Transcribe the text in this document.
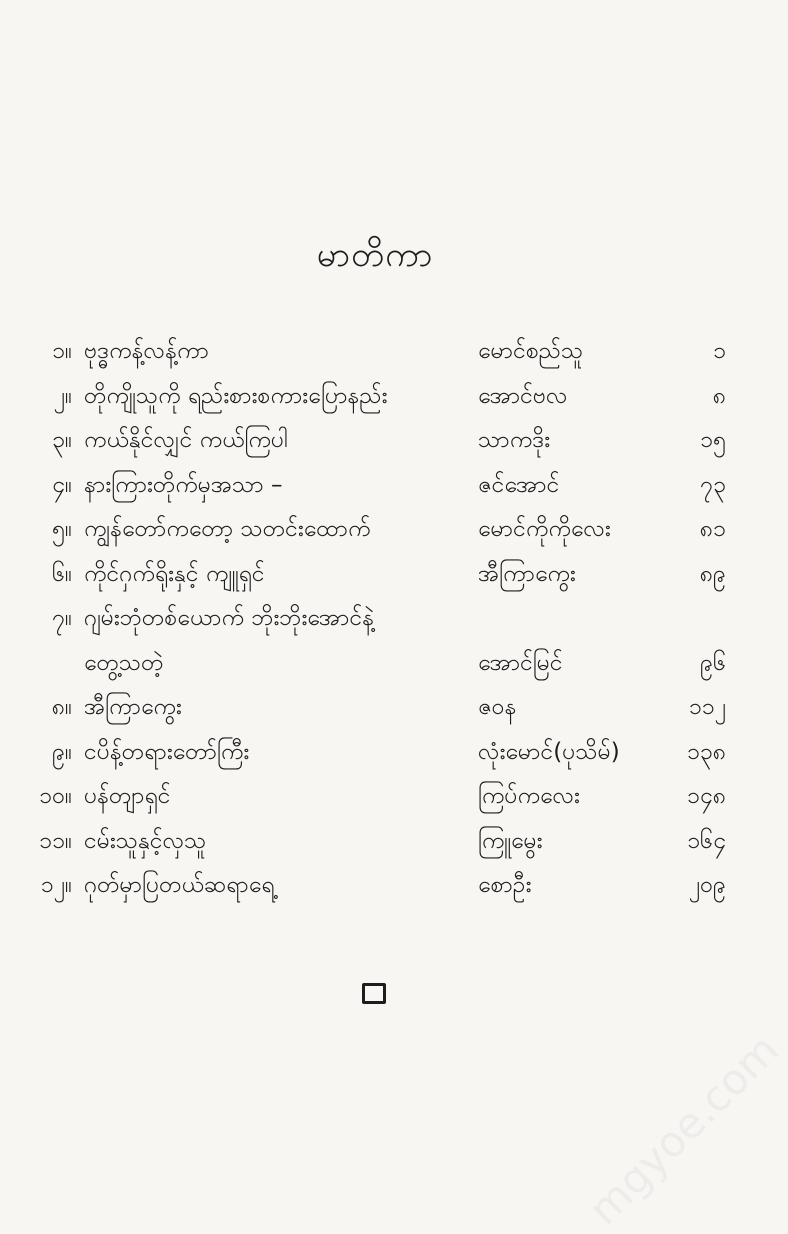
မာတိကာ
၁။ ဗုဒ္ဓကန့်လန့်ကာ	မောင်စည်သူ	၁
၂။ တိုကျိုသူကို ရည်းစားစကားပြောနည်း	အောင်ဗလ	၈
၃။ ကယ်နိုင်လျှင် ကယ်ကြပါ	သာကဒိုး	၁၅
၄။ နားကြားတိုက်မှအသာ –	ဇင်အောင်	၇၃
၅။ ကျွန်တော်ကတော့ သတင်းထောက်	မောင်ကိုကိုလေး	၈၁
၆။ ကိုင်ဂှက်ရိုးနှင့် ကျူရှင်	အီကြာကွေး	၈၉
၇။ ဂျမ်းဘုံတစ်ယောက် ဘိုးဘိုးအောင်နဲ့
တွေ့သတဲ့	အောင်မြင်	၉၆
၈။ အီကြာကွေး	ဇဝန	၁၁၂
၉။ ငပိန့်တရားတော်ကြီး	လုံးမောင်(ပုသိမ်)	၁၃၈
၁၀။ ပန်တျာရှင်	ကြပ်ကလေး	၁၄၈
၁၁။ ငမ်းသူနှင့်လှသူ	ကြူမွေး	၁၆၄
၁၂။ ဂုတ်မှာပြတယ်ဆရာရေ့	စောဦး	၂၀၉
mgyoe.com
